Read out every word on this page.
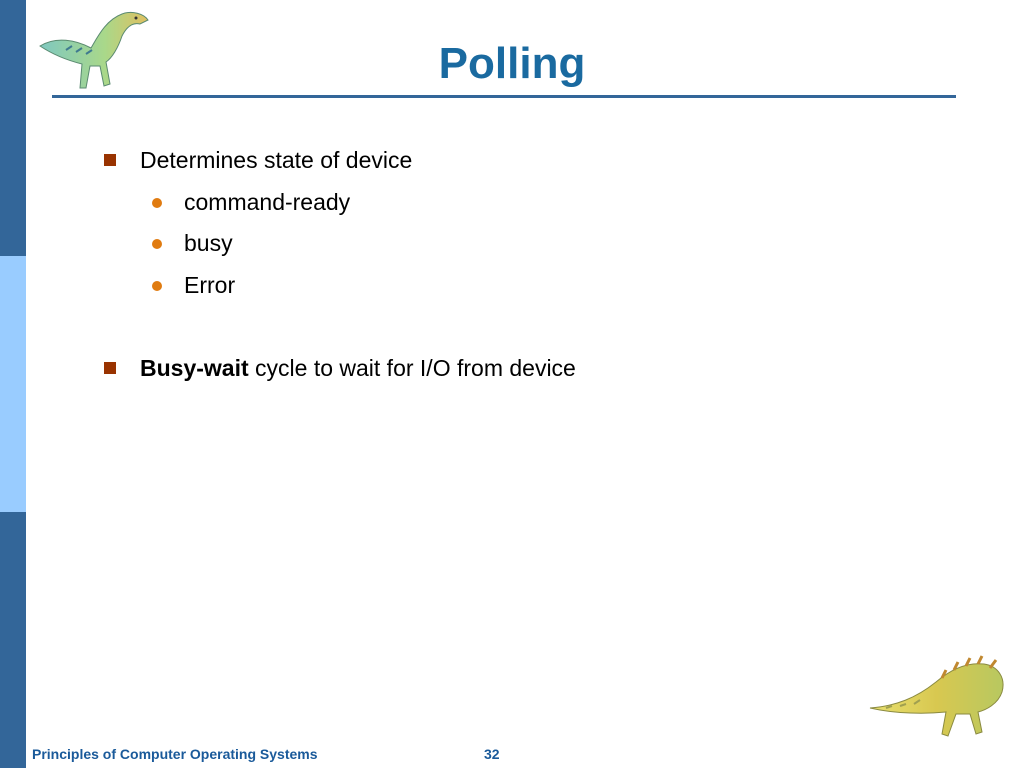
Polling
Determines state of device
command-ready
busy
Error
Busy-wait cycle to wait for I/O from device
Principles of Computer Operating Systems	32
